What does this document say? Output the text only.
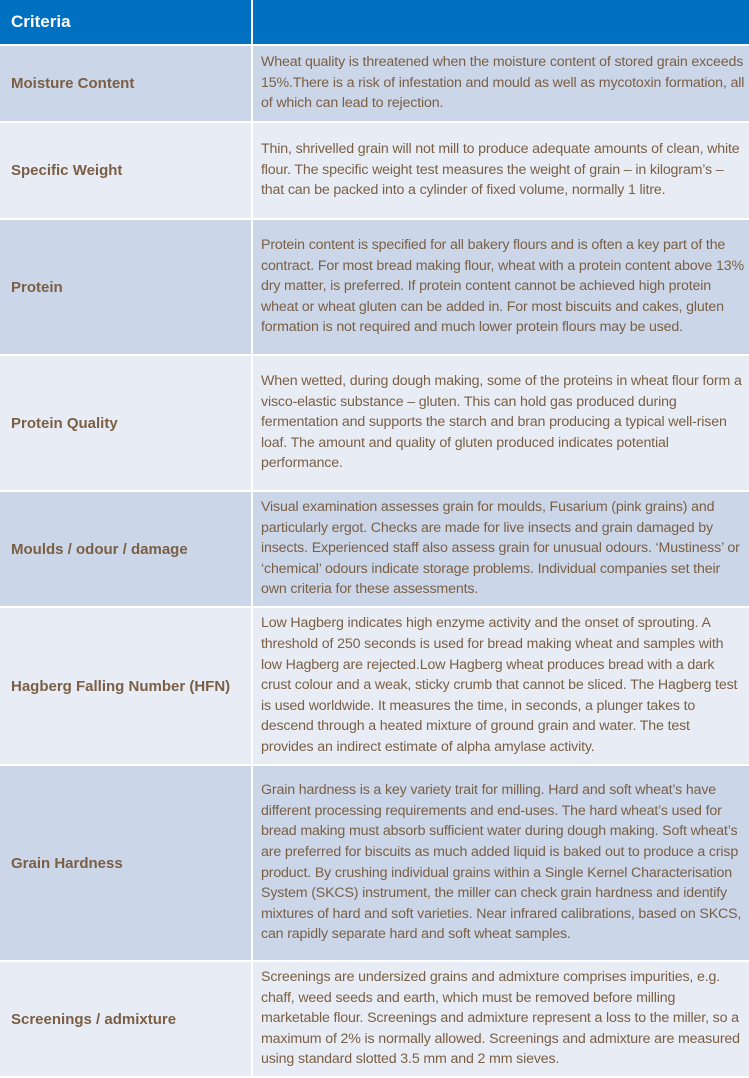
Criteria	
Moisture Content	Wheat quality is threatened when the moisture content of stored grain exceeds 15%.There is a risk of infestation and mould as well as mycotoxin formation, all of which can lead to rejection.
Specific Weight	Thin, shrivelled grain will not mill to produce adequate amounts of clean, white flour. The specific weight test measures the weight of grain – in kilogram’s – that can be packed into a cylinder of fixed volume, normally 1 litre.
Protein	Protein content is specified for all bakery flours and is often a key part of the contract. For most bread making flour, wheat with a protein content above 13% dry matter, is preferred. If protein content cannot be achieved high protein wheat or wheat gluten can be added in. For most biscuits and cakes, gluten formation is not required and much lower protein flours may be used.
Protein Quality	When wetted, during dough making, some of the proteins in wheat flour form a visco-elastic substance – gluten. This can hold gas produced during fermentation and supports the starch and bran producing a typical well-risen loaf. The amount and quality of gluten produced indicates potential performance.
Moulds / odour / damage	Visual examination assesses grain for moulds, Fusarium (pink grains) and particularly ergot. Checks are made for live insects and grain damaged by insects. Experienced staff also assess grain for unusual odours. ‘Mustiness’ or ‘chemical’ odours indicate storage problems. Individual companies set their own criteria for these assessments.
Hagberg Falling Number (HFN)	Low Hagberg indicates high enzyme activity and the onset of sprouting. A threshold of 250 seconds is used for bread making wheat and samples with low Hagberg are rejected.Low Hagberg wheat produces bread with a dark crust colour and a weak, sticky crumb that cannot be sliced. The Hagberg test is used worldwide. It measures the time, in seconds, a plunger takes to descend through a heated mixture of ground grain and water. The test provides an indirect estimate of alpha amylase activity.
Grain Hardness	Grain hardness is a key variety trait for milling. Hard and soft wheat’s have different processing requirements and end-uses. The hard wheat’s used for bread making must absorb sufficient water during dough making. Soft wheat’s are preferred for biscuits as much added liquid is baked out to produce a crisp product. By crushing individual grains within a Single Kernel Characterisation System (SKCS) instrument, the miller can check grain hardness and identify mixtures of hard and soft varieties. Near infrared calibrations, based on SKCS, can rapidly separate hard and soft wheat samples.
Screenings / admixture	Screenings are undersized grains and admixture comprises impurities, e.g. chaff, weed seeds and earth, which must be removed before milling marketable flour. Screenings and admixture represent a loss to the miller, so a maximum of 2% is normally allowed. Screenings and admixture are measured using standard slotted 3.5 mm and 2 mm sieves.
